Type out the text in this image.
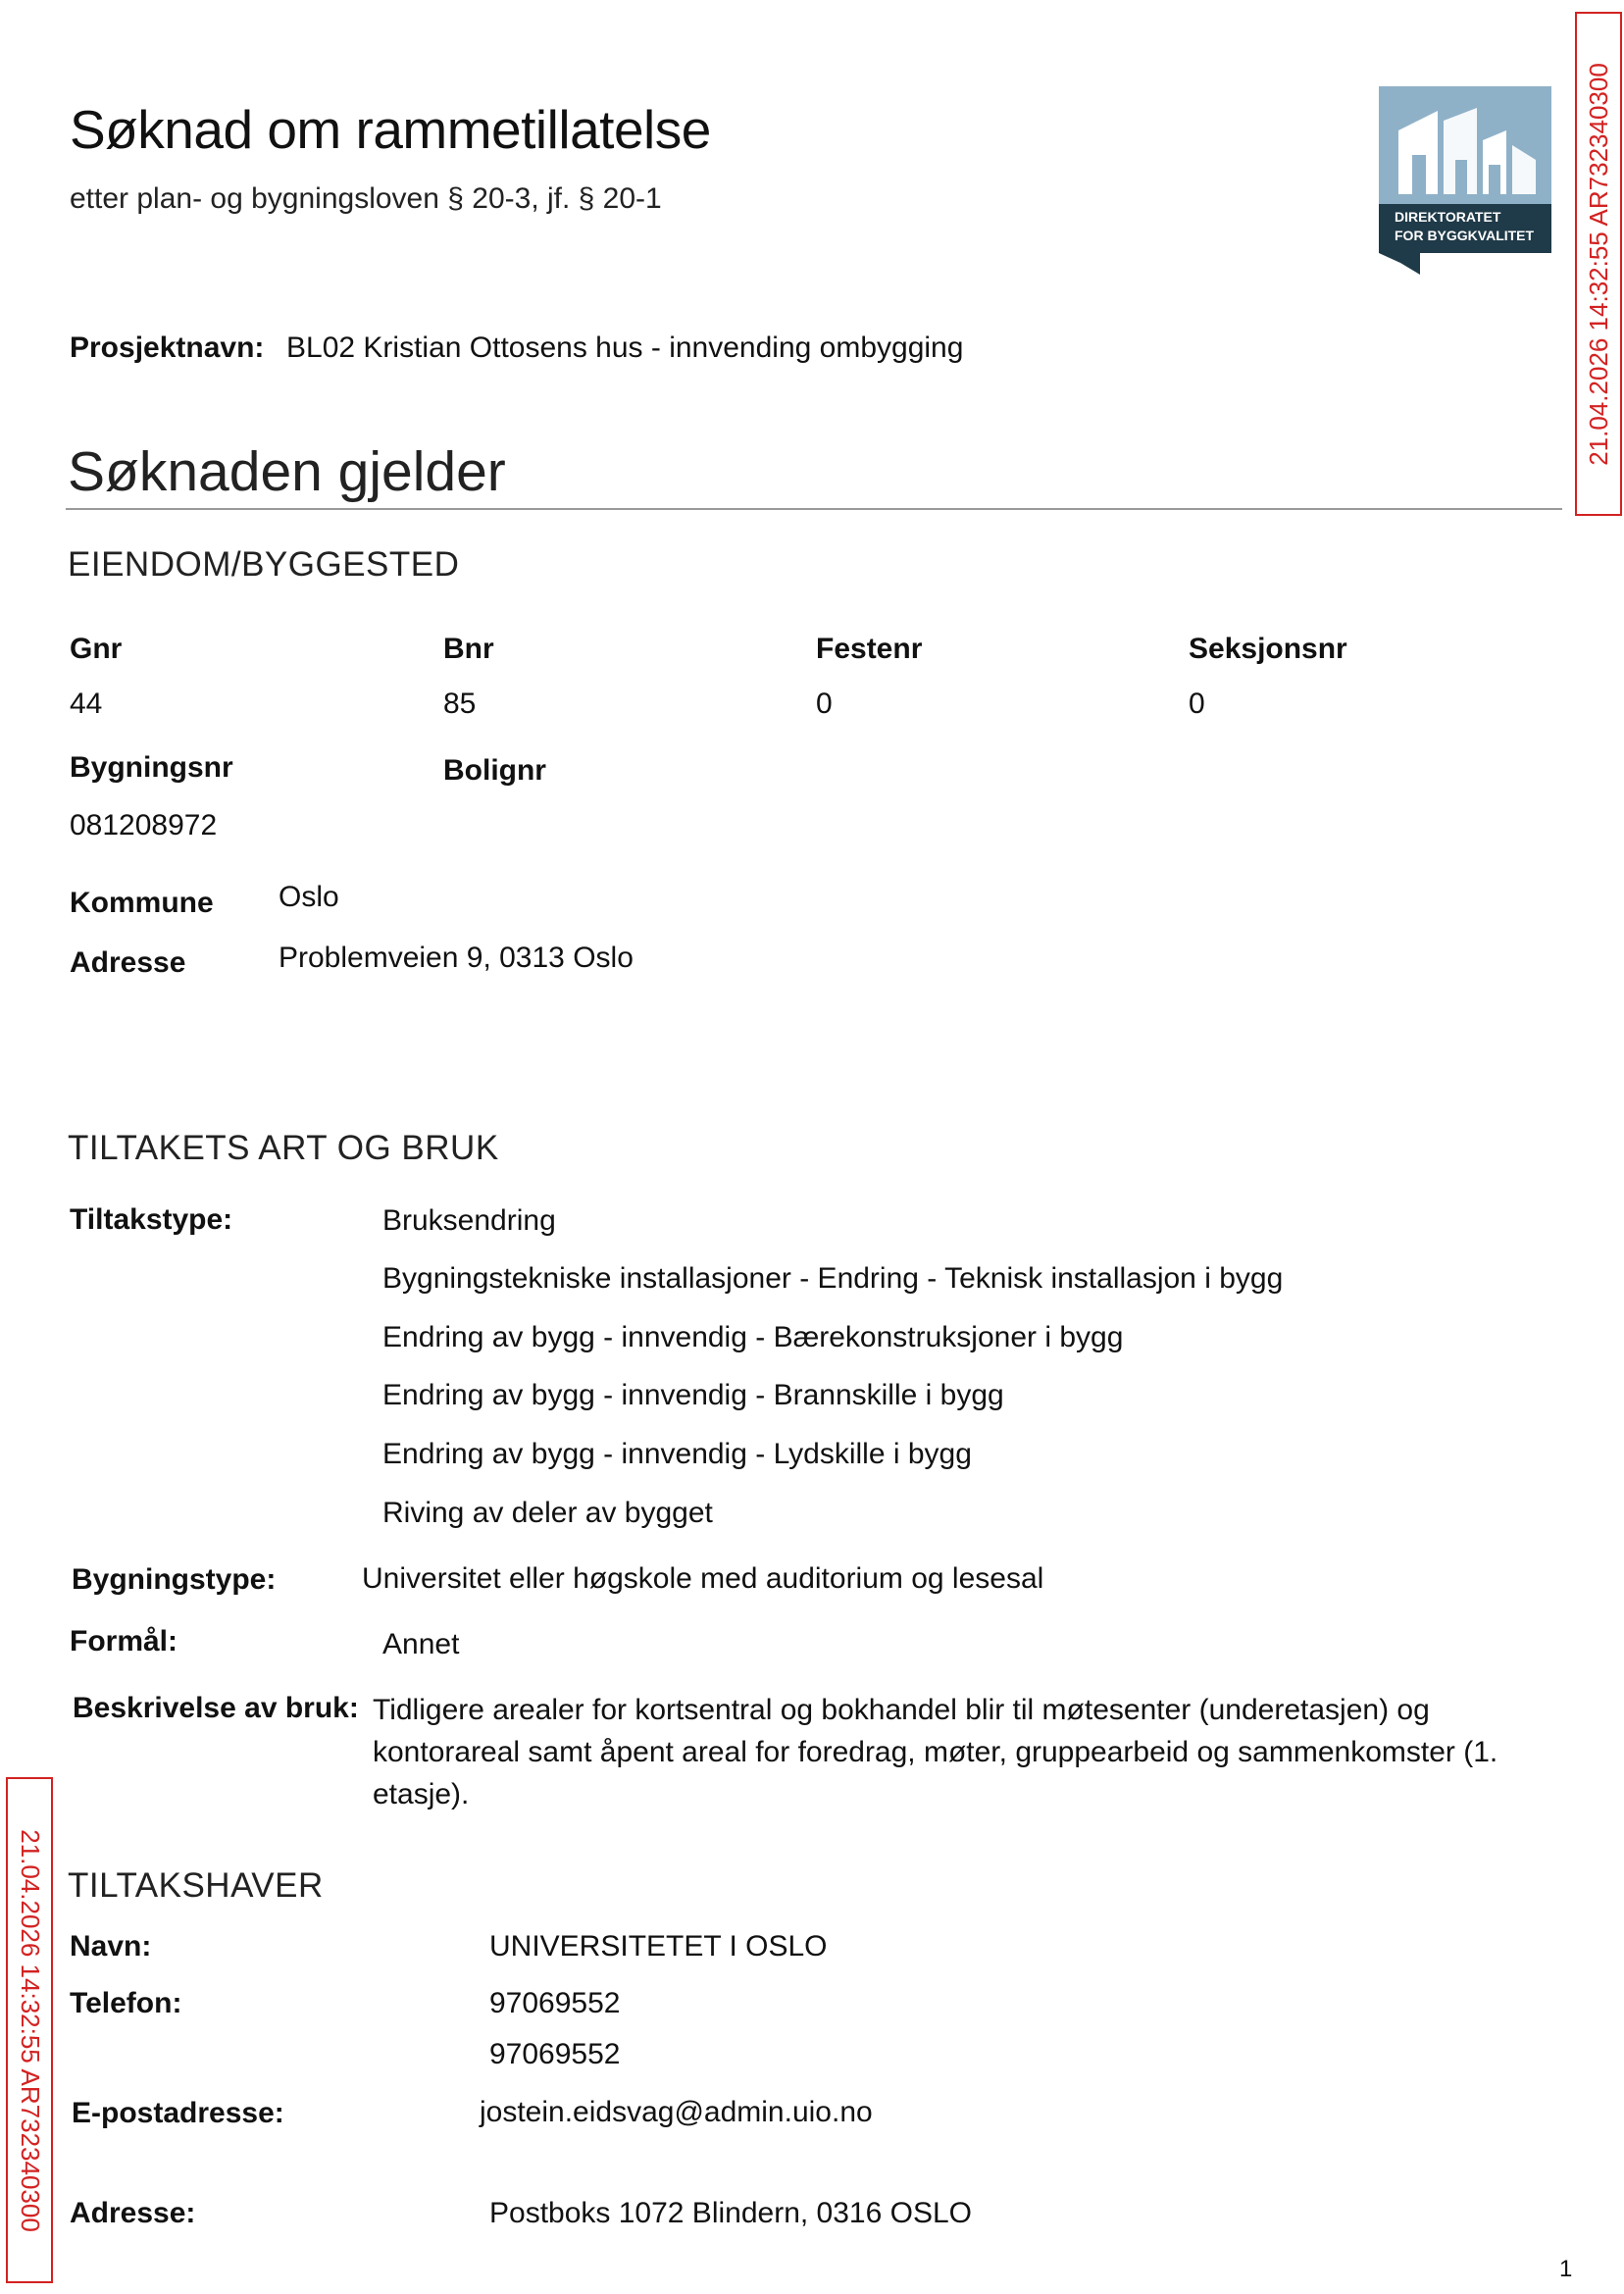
Søknad om rammetillatelse
etter plan- og bygningsloven § 20-3, jf. § 20-1
Prosjektnavn: BL02 Kristian Ottosens hus - innvending ombygging
DIREKTORATET
FOR BYGGKVALITET 21.04.2026 14:32:55 AR732340300
21.04.2026 14:32:55 AR732340300
Søknaden gjelder
EIENDOM/BYGGESTED
Gnr	Bnr	Festenr	Seksjonsnr
44	85	0	0
Bygningsnr	Bolignr
081208972
Kommune Oslo
Adresse	Problemveien 9, 0313 Oslo
TILTAKETS ART OG BRUK
Tiltakstype:	Bruksendring
Bygningstekniske installasjoner - Endring - Teknisk installasjon i bygg
Endring av bygg - innvendig - Bærekonstruksjoner i bygg
Endring av bygg - innvendig - Brannskille i bygg
Endring av bygg - innvendig - Lydskille i bygg
Riving av deler av bygget
Bygningstype:	Universitet eller høgskole med auditorium og lesesal
Formål:	Annet
Beskrivelse av bruk: Tidligere arealer for kortsentral og bokhandel blir til møtesenter (underetasjen) og kontorareal samt åpent areal for foredrag, møter, gruppearbeid og sammenkomster (1. etasje).
TILTAKSHAVER
Navn:	UNIVERSITETET I OSLO
Telefon:	97069552
97069552
E-postadresse:	jostein.eidsvag@admin.uio.no
Adresse:	Postboks 1072 Blindern, 0316 OSLO
1
